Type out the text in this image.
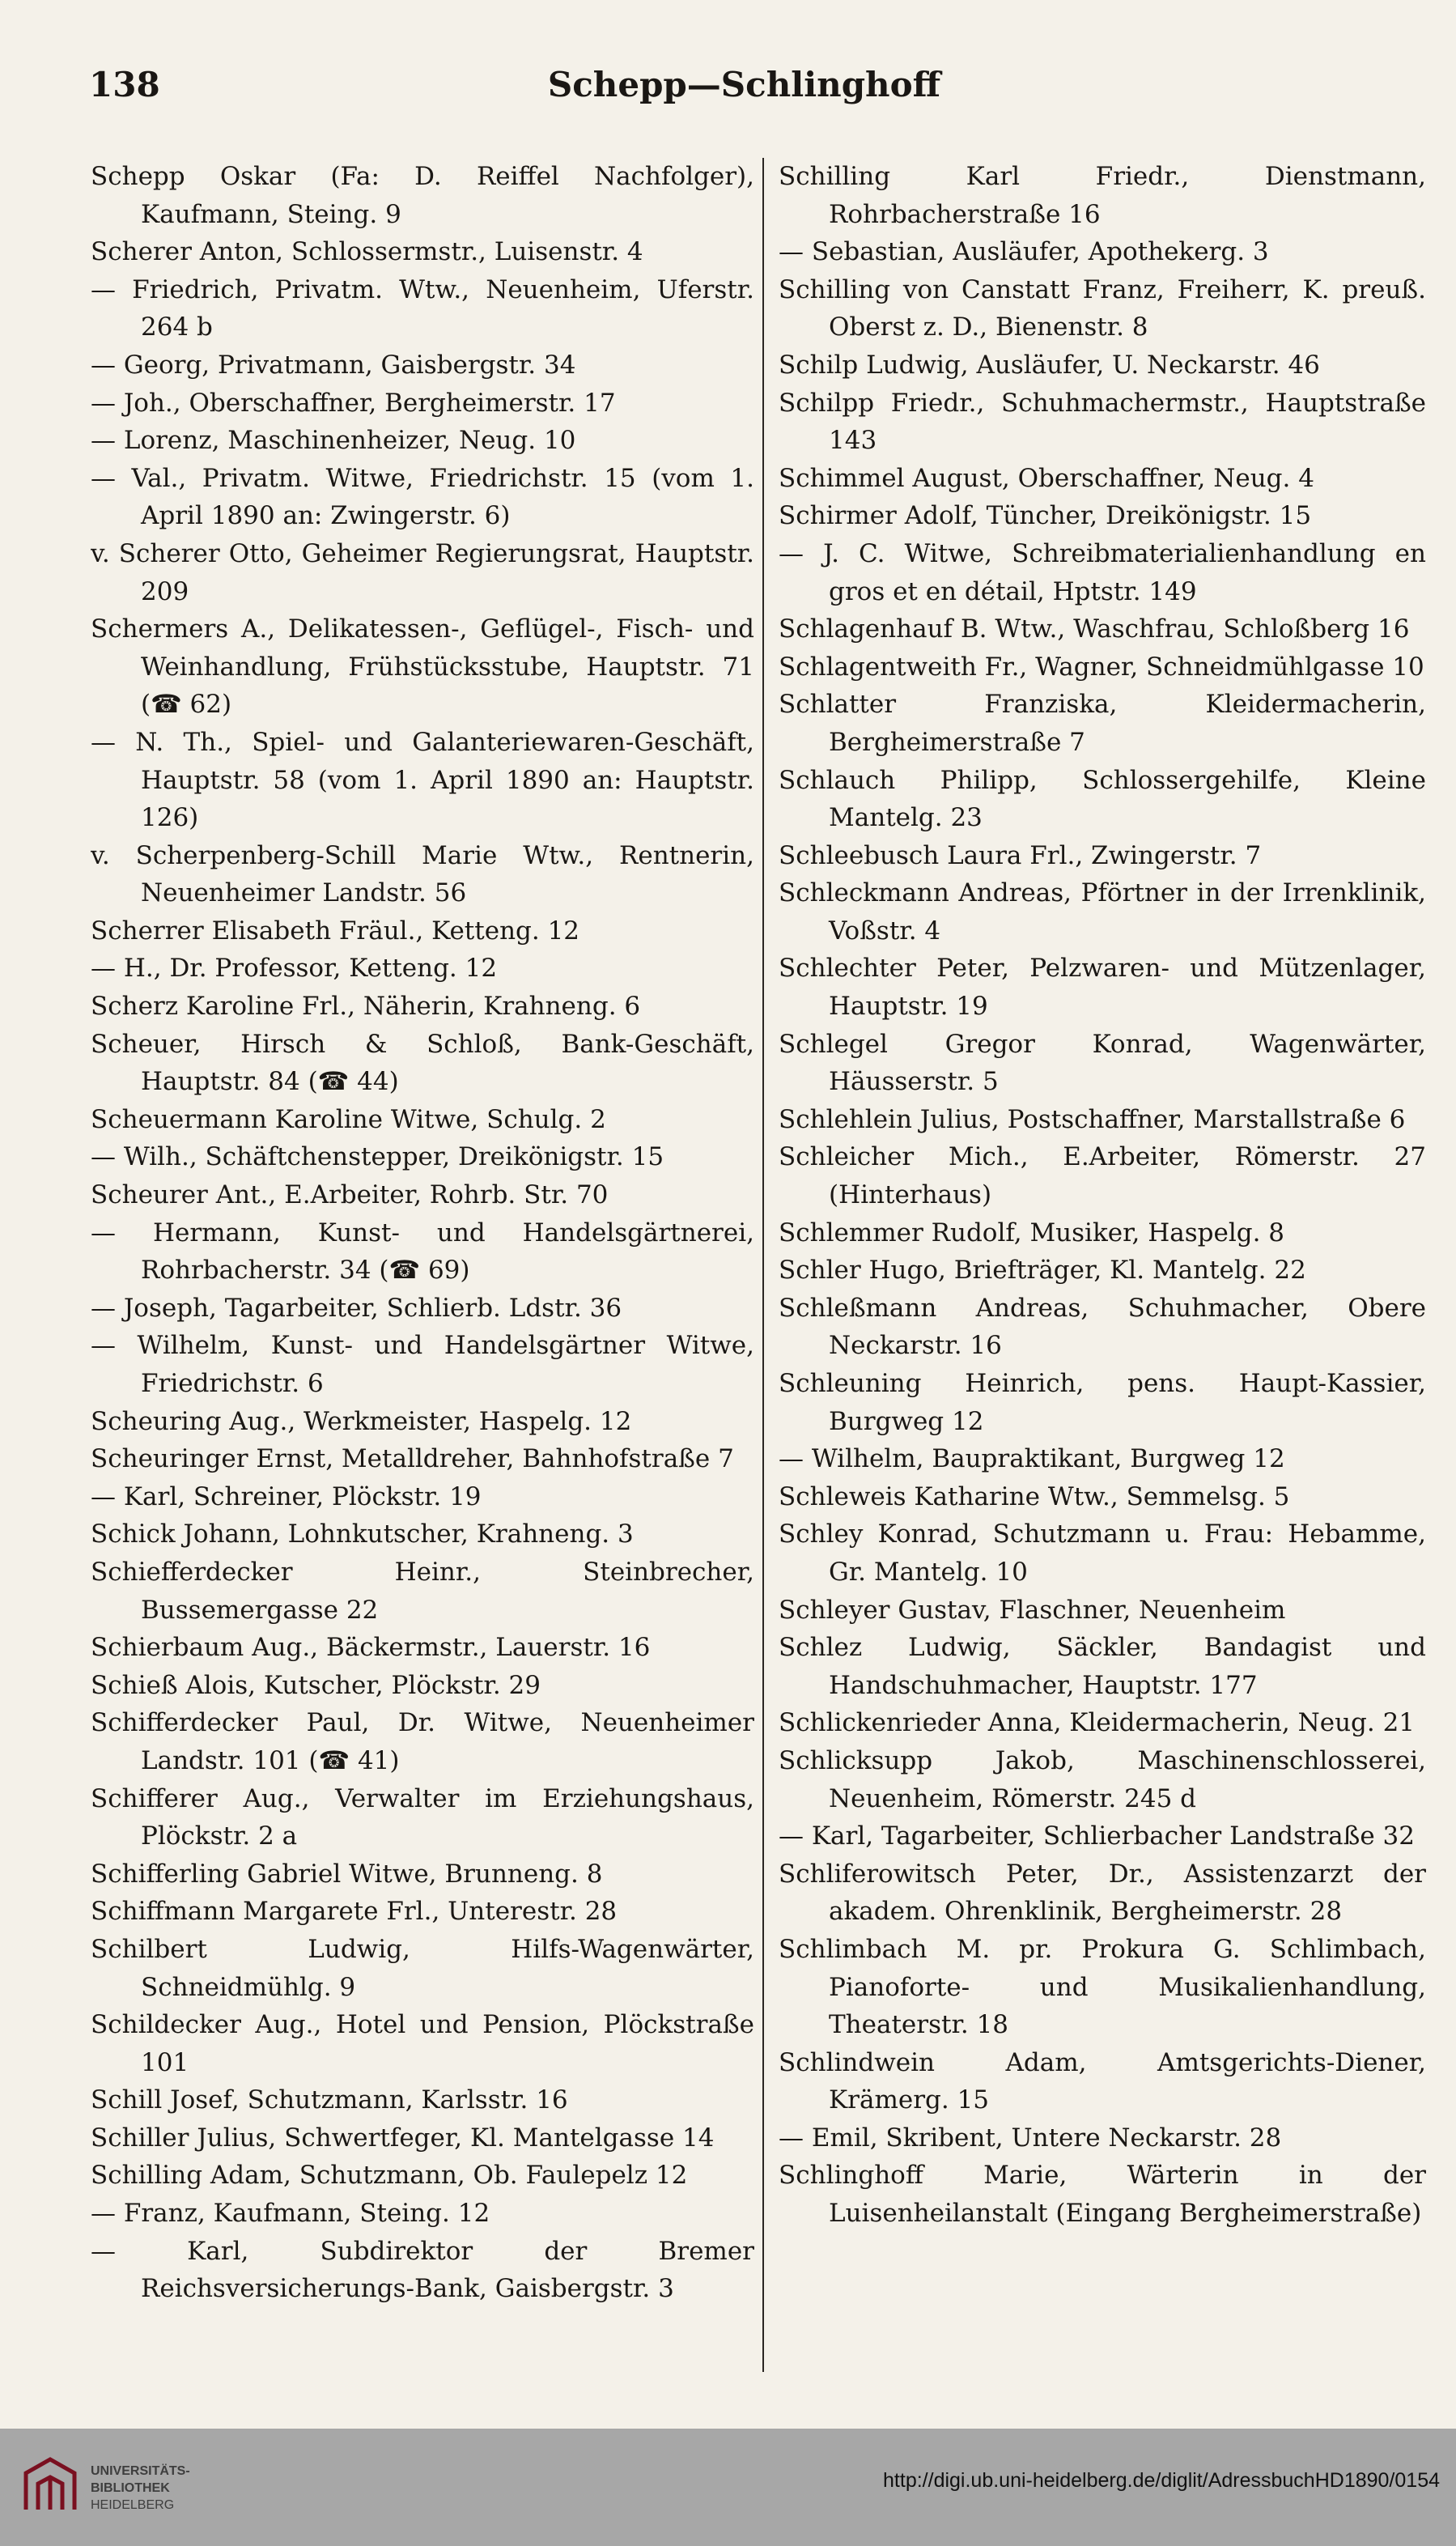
138	Schepp—Schlinghoff

Schepp Oskar (Fa: D. Reiffel Nachfolger), Kaufmann, Steing. 9

Scherer Anton, Schlossermstr., Luisenstr. 4

— Friedrich, Privatm. Wtw., Neuenheim, Uferstr. 264 b

— Georg, Privatmann, Gaisbergstr. 34

— Joh., Oberschaffner, Bergheimerstr. 17

— Lorenz, Maschinenheizer, Neug. 10

— Val., Privatm. Witwe, Friedrichstr. 15 (vom 1. April 1890 an: Zwingerstr. 6)

v. Scherer Otto, Geheimer Regierungsrat, Hauptstr. 209

Schermers A., Delikatessen-, Geflügel-, Fisch- und Weinhandlung, Frühstücksstube, Hauptstr. 71 (☎ 62)

— N. Th., Spiel- und Galanteriewaren-Geschäft, Hauptstr. 58 (vom 1. April 1890 an: Hauptstr. 126)

v. Scherpenberg-Schill Marie Wtw., Rentnerin, Neuenheimer Landstr. 56

Scherrer Elisabeth Fräul., Ketteng. 12

— H., Dr. Professor, Ketteng. 12

Scherz Karoline Frl., Näherin, Krahneng. 6

Scheuer, Hirsch & Schloß, Bank-Geschäft, Hauptstr. 84 (☎ 44)

Scheuermann Karoline Witwe, Schulg. 2

— Wilh., Schäftchenstepper, Dreikönigstr. 15

Scheurer Ant., E.Arbeiter, Rohrb. Str. 70

— Hermann, Kunst- und Handelsgärtnerei, Rohrbacherstr. 34 (☎ 69)

— Joseph, Tagarbeiter, Schlierb. Ldstr. 36

— Wilhelm, Kunst- und Handelsgärtner Witwe, Friedrichstr. 6

Scheuring Aug., Werkmeister, Haspelg. 12

Scheuringer Ernst, Metalldreher, Bahnhofstraße 7

— Karl, Schreiner, Plöckstr. 19

Schick Johann, Lohnkutscher, Krahneng. 3

Schiefferdecker Heinr., Steinbrecher, Bussemergasse 22

Schierbaum Aug., Bäckermstr., Lauerstr. 16

Schieß Alois, Kutscher, Plöckstr. 29

Schifferdecker Paul, Dr. Witwe, Neuenheimer Landstr. 101 (☎ 41)

Schifferer Aug., Verwalter im Erziehungshaus, Plöckstr. 2 a

Schifferling Gabriel Witwe, Brunneng. 8

Schiffmann Margarete Frl., Unterestr. 28

Schilbert Ludwig, Hilfs-Wagenwärter, Schneidmühlg. 9

Schildecker Aug., Hotel und Pension, Plöckstraße 101

Schill Josef, Schutzmann, Karlsstr. 16

Schiller Julius, Schwertfeger, Kl. Mantelgasse 14

Schilling Adam, Schutzmann, Ob. Faulepelz 12

— Franz, Kaufmann, Steing. 12

— Karl, Subdirektor der Bremer Reichsversicherungs-Bank, Gaisbergstr. 3

Schilling Karl Friedr., Dienstmann, Rohrbacherstraße 16

— Sebastian, Ausläufer, Apothekerg. 3

Schilling von Canstatt Franz, Freiherr, K. preuß. Oberst z. D., Bienenstr. 8

Schilp Ludwig, Ausläufer, U. Neckarstr. 46

Schilpp Friedr., Schuhmachermstr., Hauptstraße 143

Schimmel August, Oberschaffner, Neug. 4

Schirmer Adolf, Tüncher, Dreikönigstr. 15

— J. C. Witwe, Schreibmaterialienhandlung en gros et en détail, Hptstr. 149

Schlagenhauf B. Wtw., Waschfrau, Schloßberg 16

Schlagentweith Fr., Wagner, Schneidmühlgasse 10

Schlatter Franziska, Kleidermacherin, Bergheimerstraße 7

Schlauch Philipp, Schlossergehilfe, Kleine Mantelg. 23

Schleebusch Laura Frl., Zwingerstr. 7

Schleckmann Andreas, Pförtner in der Irrenklinik, Voßstr. 4

Schlechter Peter, Pelzwaren- und Mützenlager, Hauptstr. 19

Schlegel Gregor Konrad, Wagenwärter, Häusserstr. 5

Schlehlein Julius, Postschaffner, Marstallstraße 6

Schleicher Mich., E.Arbeiter, Römerstr. 27 (Hinterhaus)

Schlemmer Rudolf, Musiker, Haspelg. 8

Schler Hugo, Briefträger, Kl. Mantelg. 22

Schleßmann Andreas, Schuhmacher, Obere Neckarstr. 16

Schleuning Heinrich, pens. Haupt-Kassier, Burgweg 12

— Wilhelm, Baupraktikant, Burgweg 12

Schleweis Katharine Wtw., Semmelsg. 5

Schley Konrad, Schutzmann u. Frau: Hebamme, Gr. Mantelg. 10

Schleyer Gustav, Flaschner, Neuenheim

Schlez Ludwig, Säckler, Bandagist und Handschuhmacher, Hauptstr. 177

Schlickenrieder Anna, Kleidermacherin, Neug. 21

Schlicksupp Jakob, Maschinenschlosserei, Neuenheim, Römerstr. 245 d

— Karl, Tagarbeiter, Schlierbacher Landstraße 32

Schliferowitsch Peter, Dr., Assistenzarzt der akadem. Ohrenklinik, Bergheimerstr. 28

Schlimbach M. pr. Prokura G. Schlimbach, Pianoforte- und Musikalienhandlung, Theaterstr. 18

Schlindwein Adam, Amtsgerichts-Diener, Krämerg. 15

— Emil, Skribent, Untere Neckarstr. 28

Schlinghoff Marie, Wärterin in der Luisenheilanstalt (Eingang Bergheimerstraße)

UNIVERSITÄTS-
BIBLIOTHEK
HEIDELBERG
http://digi.ub.uni-heidelberg.de/diglit/AdressbuchHD1890/0154
